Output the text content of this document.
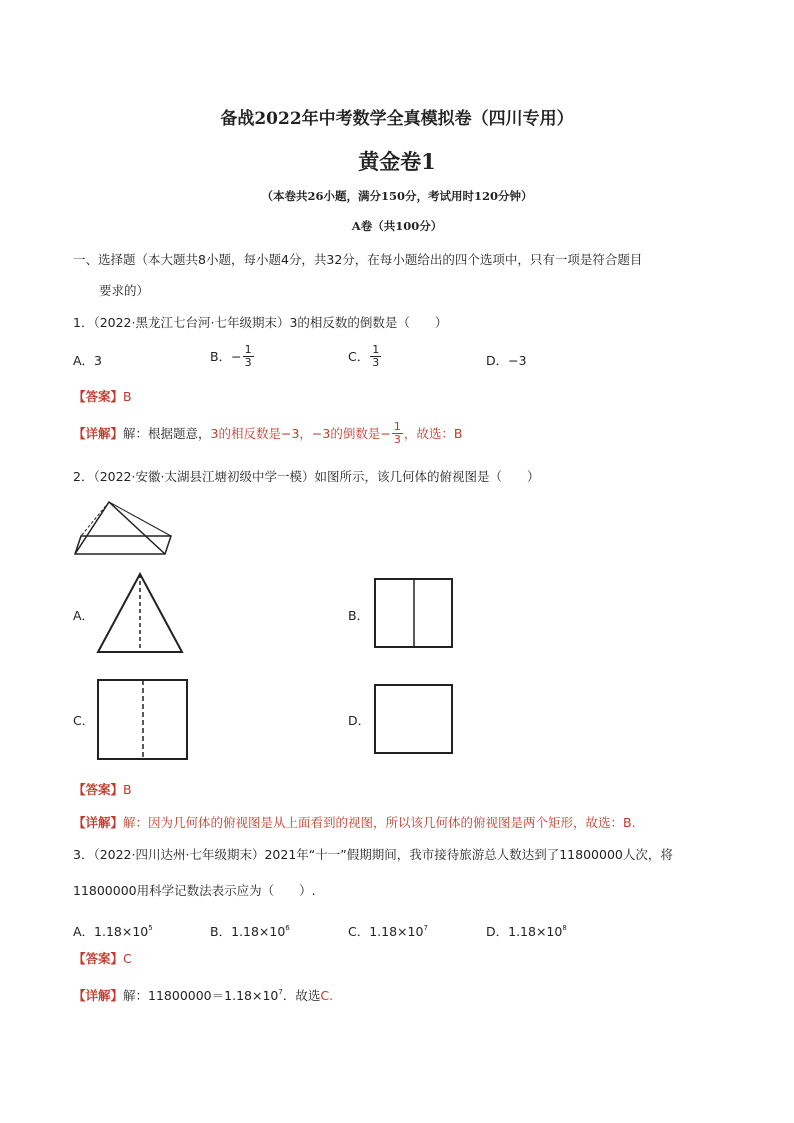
备战2022年中考数学全真模拟卷（四川专用）
黄金卷1
（本卷共26小题，满分150分，考试用时120分钟）
A卷（共100分）
一、选择题（本大题共8小题，每小题4分，共32分，在每小题给出的四个选项中，只有一项是符合题目
要求的）
1．（2022·黑龙江七台河·七年级期末）3的相反数的倒数是（　　）
A．3	B．− $\frac{1}{3}$	C． $\frac{1}{3}$	D．−3
【答案】B
【详解】 解：根据题意， 3的相反数是−3，−3的倒数是− $\frac{1}{3}$ ，故选：B
2．（2022·安徽·太湖县江塘初级中学一模）如图所示，该几何体的俯视图是（　　）
A．	B．
C．	D．
【答案】B
【详解】解：因为几何体的俯视图是从上面看到的视图，所以该几何体的俯视图是两个矩形，故选：B.
3．（2022·四川达州·七年级期末）2021年“十一”假期期间，我市接待旅游总人数达到了11800000人次，将
11800000用科学记数法表示应为（　　）.
A．$1.18\times 10^5$	B．$1.18\times 10^6$	C．$1.18\times 10^7$	D．$1.18\times 10^8$
【答案】C
【详解】解：$11800000=1.18\times 10^7$．故选C.
